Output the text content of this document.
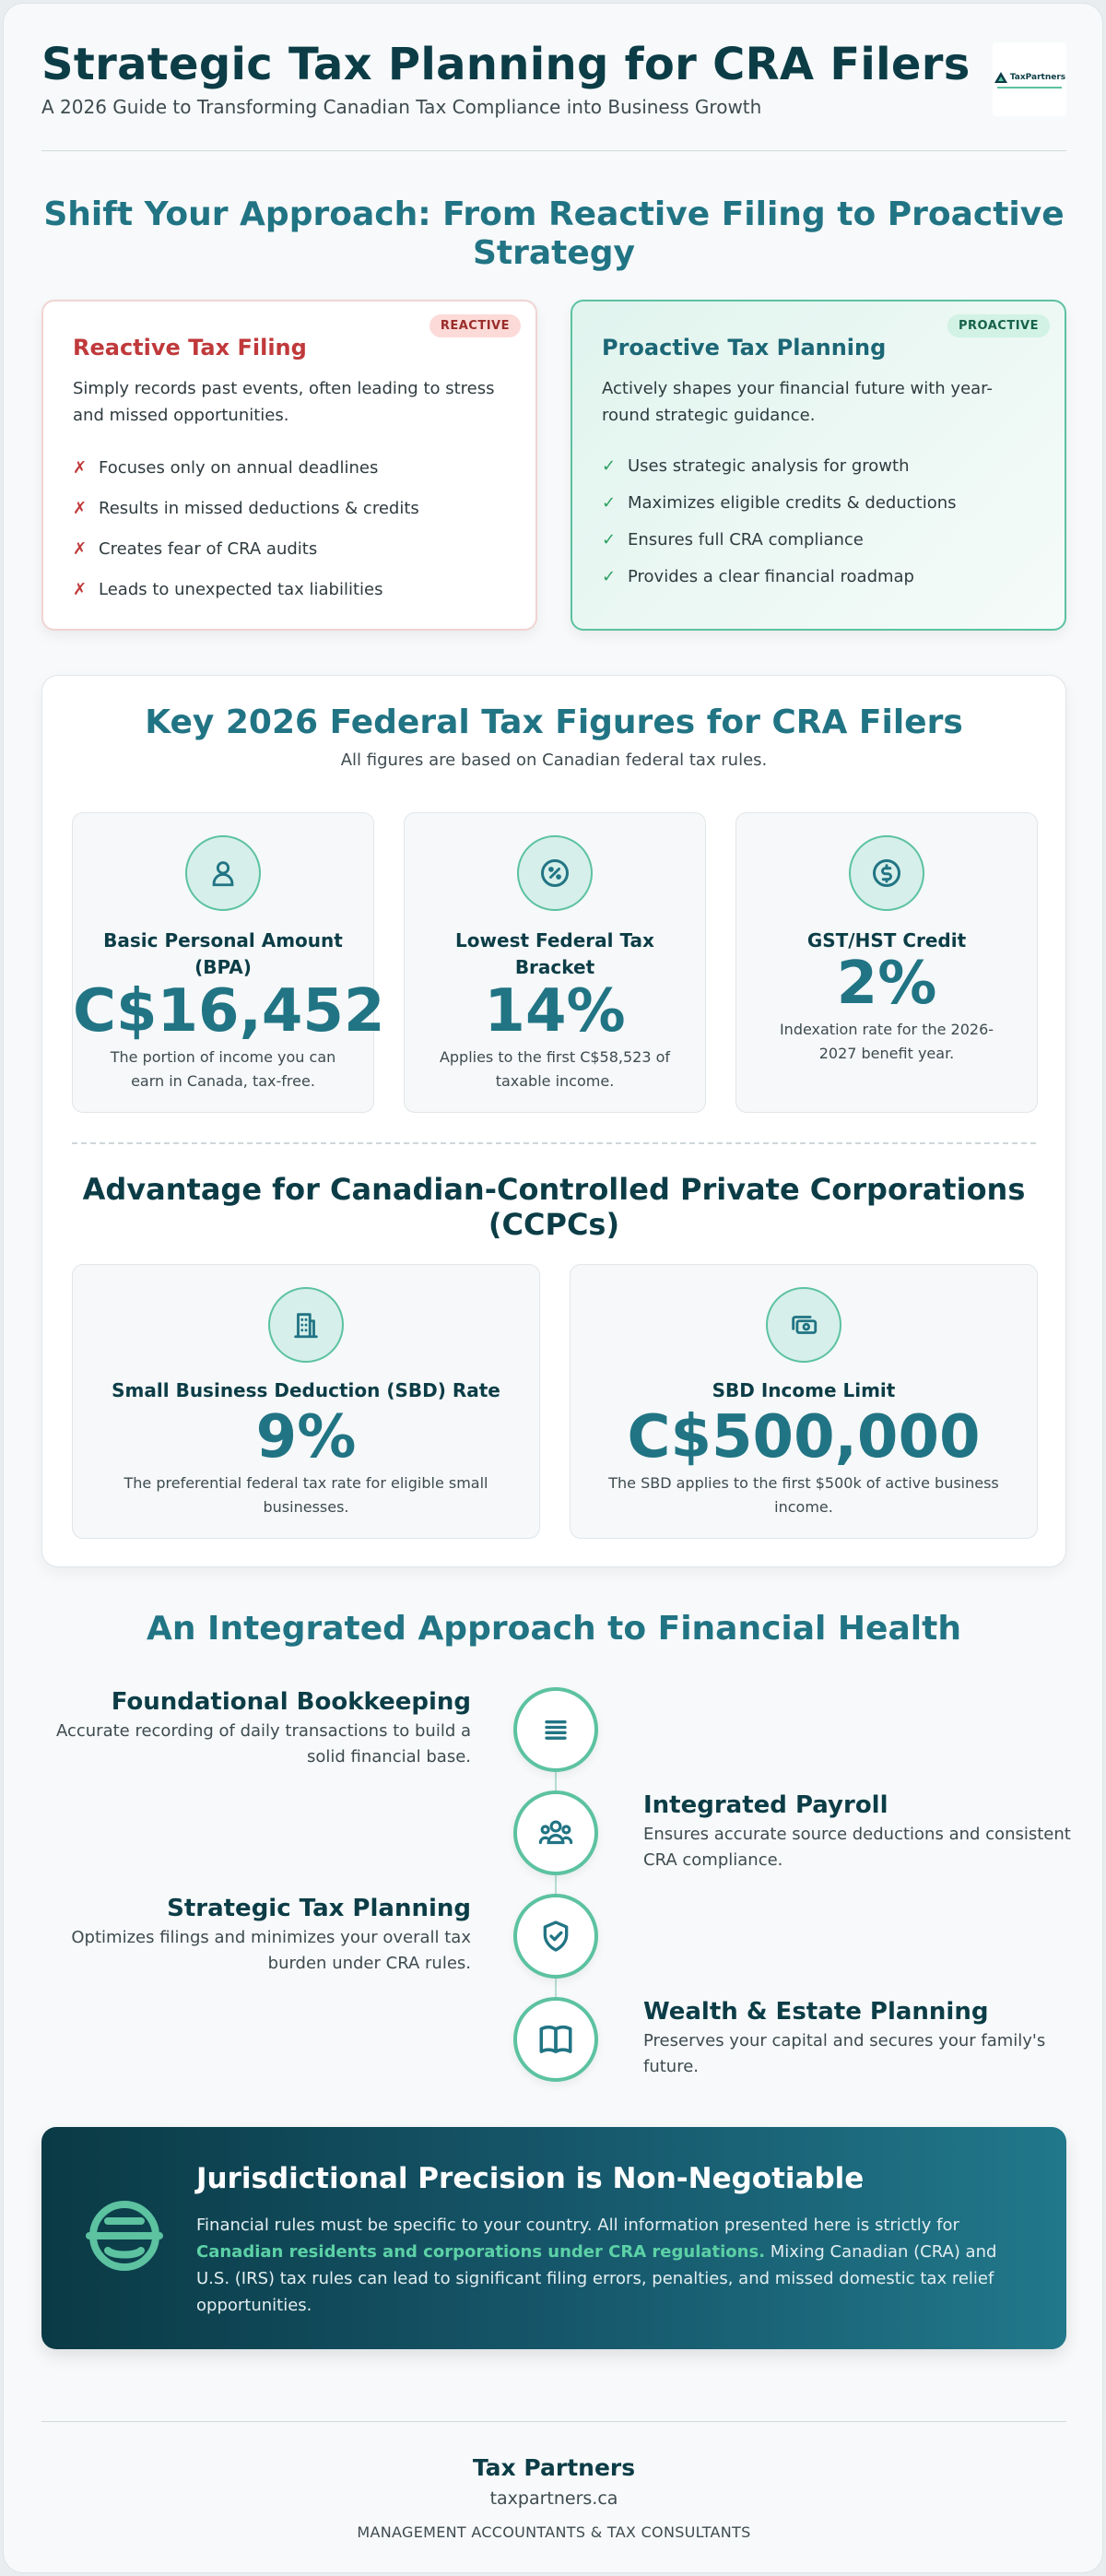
Strategic Tax Planning for CRA Filers
A 2026 Guide to Transforming Canadian Tax Compliance into Business Growth
TaxPartners
Shift Your Approach: From Reactive Filing to Proactive Strategy
REACTIVE
Reactive Tax Filing

Simply records past events, often leading to stress and missed opportunities.

✗ Focuses only on annual deadlines
✗ Results in missed deductions & credits
✗ Creates fear of CRA audits
✗ Leads to unexpected tax liabilities
PROACTIVE
Proactive Tax Planning

Actively shapes your financial future with year-round strategic guidance.

✓ Uses strategic analysis for growth
✓ Maximizes eligible credits & deductions
✓ Ensures full CRA compliance
✓ Provides a clear financial roadmap
Key 2026 Federal Tax Figures for CRA Filers
All figures are based on Canadian federal tax rules.
Basic Personal Amount (BPA)
C$16,452
The portion of income you can earn in Canada, tax-free.
Lowest Federal Tax Bracket
14%
Applies to the first C$58,523 of taxable income.
GST/HST Credit
2%
Indexation rate for the 2026-2027 benefit year.
Advantage for Canadian-Controlled Private Corporations (CCPCs)
Small Business Deduction (SBD) Rate
9%
The preferential federal tax rate for eligible small businesses.
SBD Income Limit
C$500,000
The SBD applies to the first $500k of active business income.
An Integrated Approach to Financial Health
Foundational Bookkeeping

Accurate recording of daily transactions to build a solid financial base.

Integrated Payroll

Ensures accurate source deductions and consistent CRA compliance.

Strategic Tax Planning

Optimizes filings and minimizes your overall tax burden under CRA rules.

Wealth & Estate Planning

Preserves your capital and secures your family's future.

Jurisdictional Precision is Non-Negotiable

Financial rules must be specific to your country. All information presented here is strictly for Canadian residents and corporations under CRA regulations. Mixing Canadian (CRA) and U.S. (IRS) tax rules can lead to significant filing errors, penalties, and missed domestic tax relief opportunities.

Tax Partners
taxpartners.ca
MANAGEMENT ACCOUNTANTS & TAX CONSULTANTS
